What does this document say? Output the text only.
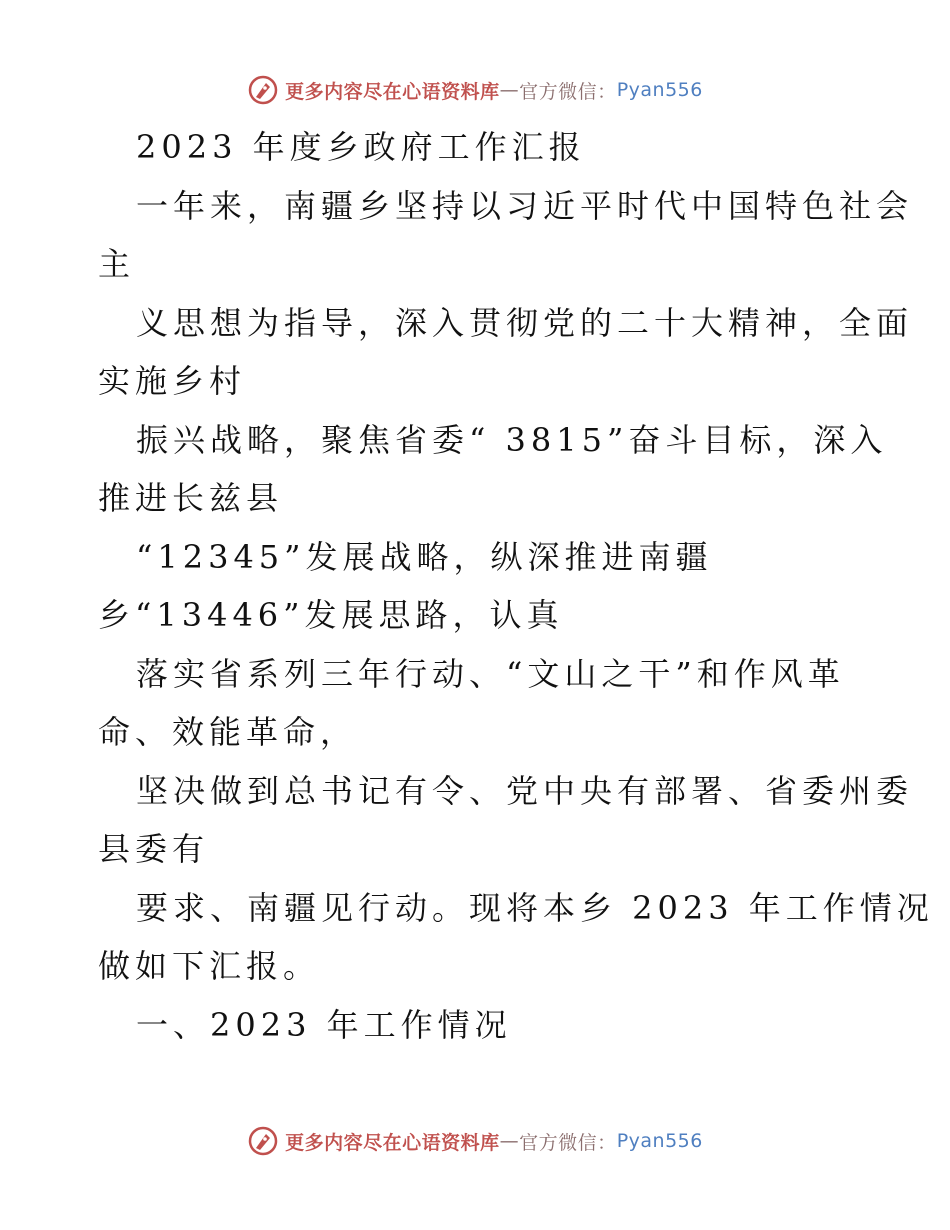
更多内容尽在心语资料库 — 官方微信： Pyan556
2023 年度乡政府工作汇报
一年来，南疆乡坚持以习近平时代中国特色社会
主
义思想为指导，深入贯彻党的二十大精神，全面
实施乡村
振兴战略，聚焦省委“ 3815”奋斗目标，深入
推进长兹县
“12345”发展战略，纵深推进南疆
乡“13446”发展思路，认真
落实省系列三年行动、“文山之干”和作风革
命、效能革命，
坚决做到总书记有令、党中央有部署、省委州委
县委有
要求、南疆见行动。现将本乡 2023 年工作情况
做如下汇报。
一、2023 年工作情况
更多内容尽在心语资料库 — 官方微信： Pyan556
